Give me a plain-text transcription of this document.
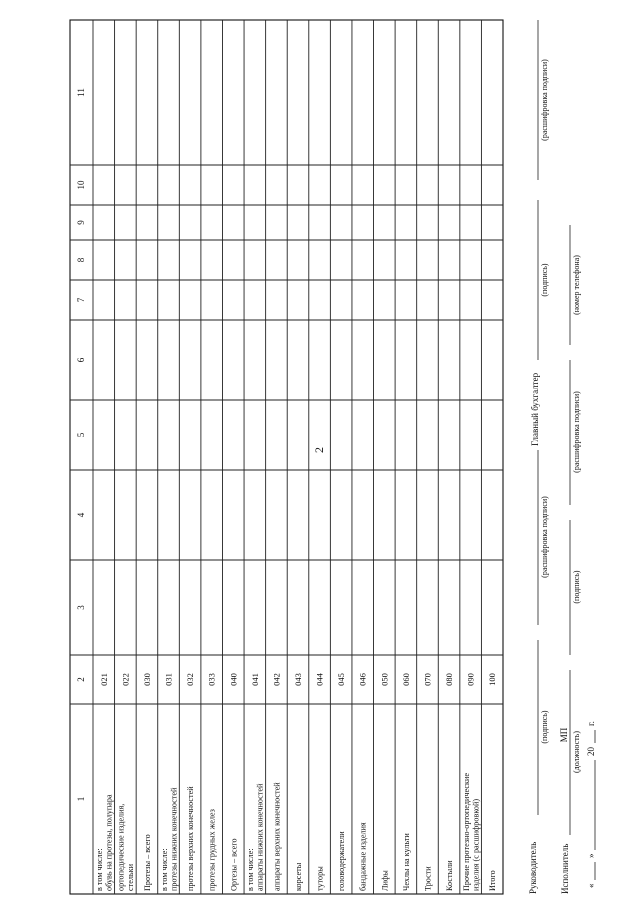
2
1
2
3
4
5
6
7
8
9
10
11
в том числе: обувь на протезы, полупара
021
ортопедические изделия, стельки
022
Протезы – всего
030
в том числе: протезы нижних конечностей
031
протезы верхних конечностей
032
протезы грудных желез
033
Ортезы – всего
040
в том числе: аппараты нижних конечностей
041
аппараты верхних конечностей
042
корсеты
043
туторы
044
головодержатели
045
бандажные изделия
046
Лифы
050
Чехлы на культи
060
Трости
070
Костыли
080
Прочие протезно-ортопедические изделия (с расшифровкой)
090
Итого
100
Руководитель
(подпись)
(расшифровка подписи)
МП
Главный бухгалтер
(подпись)
(расшифровка подписи)
Исполнитель
(должность)
(подпись)
(расшифровка подписи)
(номер телефона)
«
»
20
г.
